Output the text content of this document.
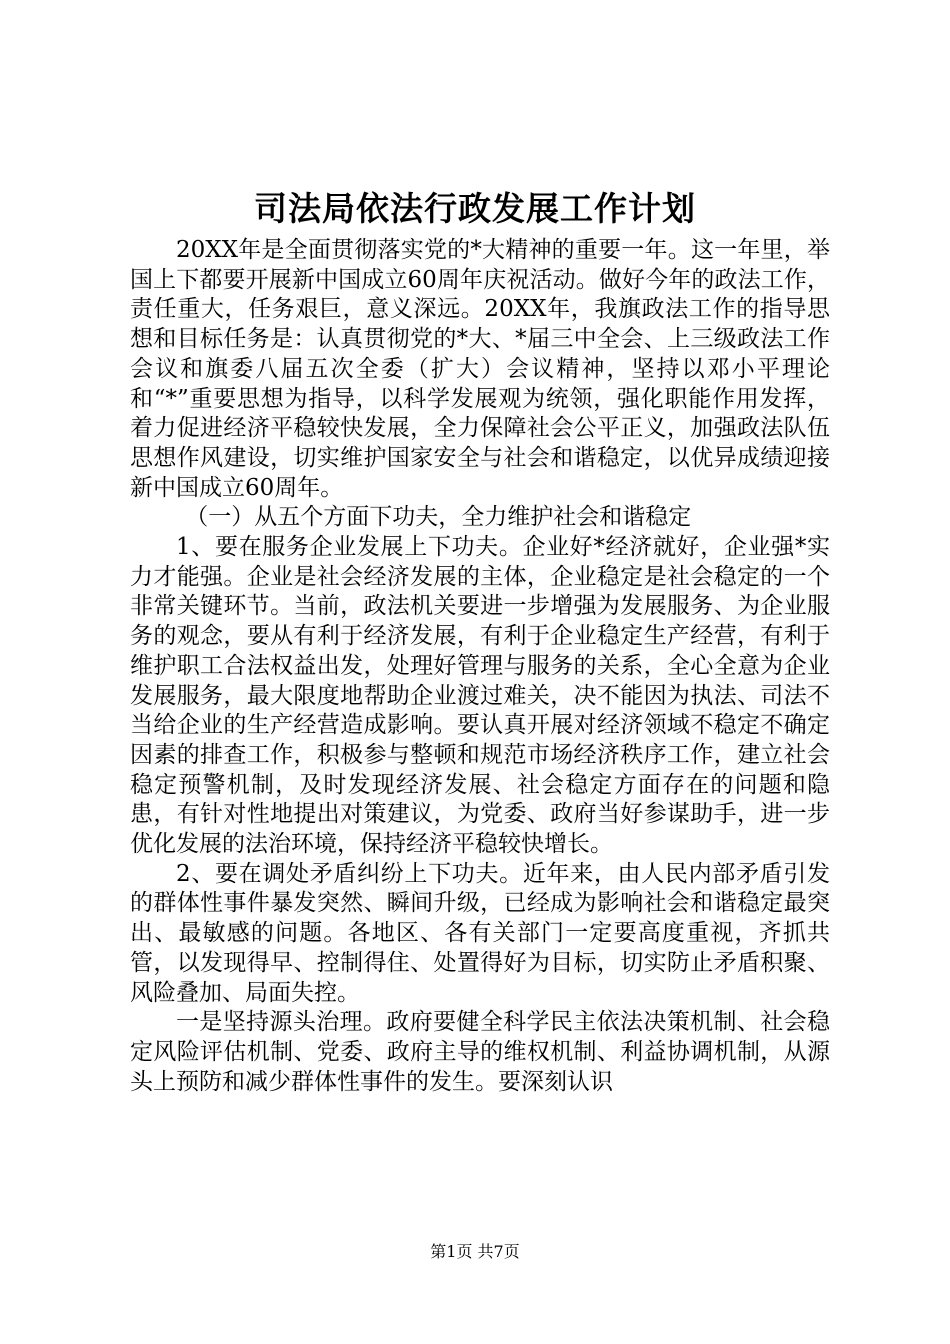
司法局依法行政发展工作计划

20XX年是全面贯彻落实党的*大精神的重要一年。这一年里，举国上下都要开展新中国成立60周年庆祝活动。做好今年的政法工作，责任重大，任务艰巨，意义深远。20XX年，我旗政法工作的指导思想和目标任务是：认真贯彻党的*大、*届三中全会、上三级政法工作会议和旗委八届五次全委（扩大）会议精神，坚持以邓小平理论和“*”重要思想为指导，以科学发展观为统领，强化职能作用发挥，着力促进经济平稳较快发展，全力保障社会公平正义，加强政法队伍思想作风建设，切实维护国家安全与社会和谐稳定，以优异成绩迎接新中国成立60周年。

（一）从五个方面下功夫，全力维护社会和谐稳定

1、要在服务企业发展上下功夫。企业好*经济就好，企业强*实力才能强。企业是社会经济发展的主体，企业稳定是社会稳定的一个非常关键环节。当前，政法机关要进一步增强为发展服务、为企业服务的观念，要从有利于经济发展，有利于企业稳定生产经营，有利于维护职工合法权益出发，处理好管理与服务的关系，全心全意为企业发展服务，最大限度地帮助企业渡过难关，决不能因为执法、司法不当给企业的生产经营造成影响。要认真开展对经济领域不稳定不确定因素的排查工作，积极参与整顿和规范市场经济秩序工作，建立社会稳定预警机制，及时发现经济发展、社会稳定方面存在的问题和隐患，有针对性地提出对策建议，为党委、政府当好参谋助手，进一步优化发展的法治环境，保持经济平稳较快增长。

2、要在调处矛盾纠纷上下功夫。近年来，由人民内部矛盾引发的群体性事件暴发突然、瞬间升级，已经成为影响社会和谐稳定最突出、最敏感的问题。各地区、各有关部门一定要高度重视，齐抓共管，以发现得早、控制得住、处置得好为目标，切实防止矛盾积聚、风险叠加、局面失控。

一是坚持源头治理。政府要健全科学民主依法决策机制、社会稳定风险评估机制、党委、政府主导的维权机制、利益协调机制，从源头上预防和减少群体性事件的发生。要深刻认识

第1页 共7页
